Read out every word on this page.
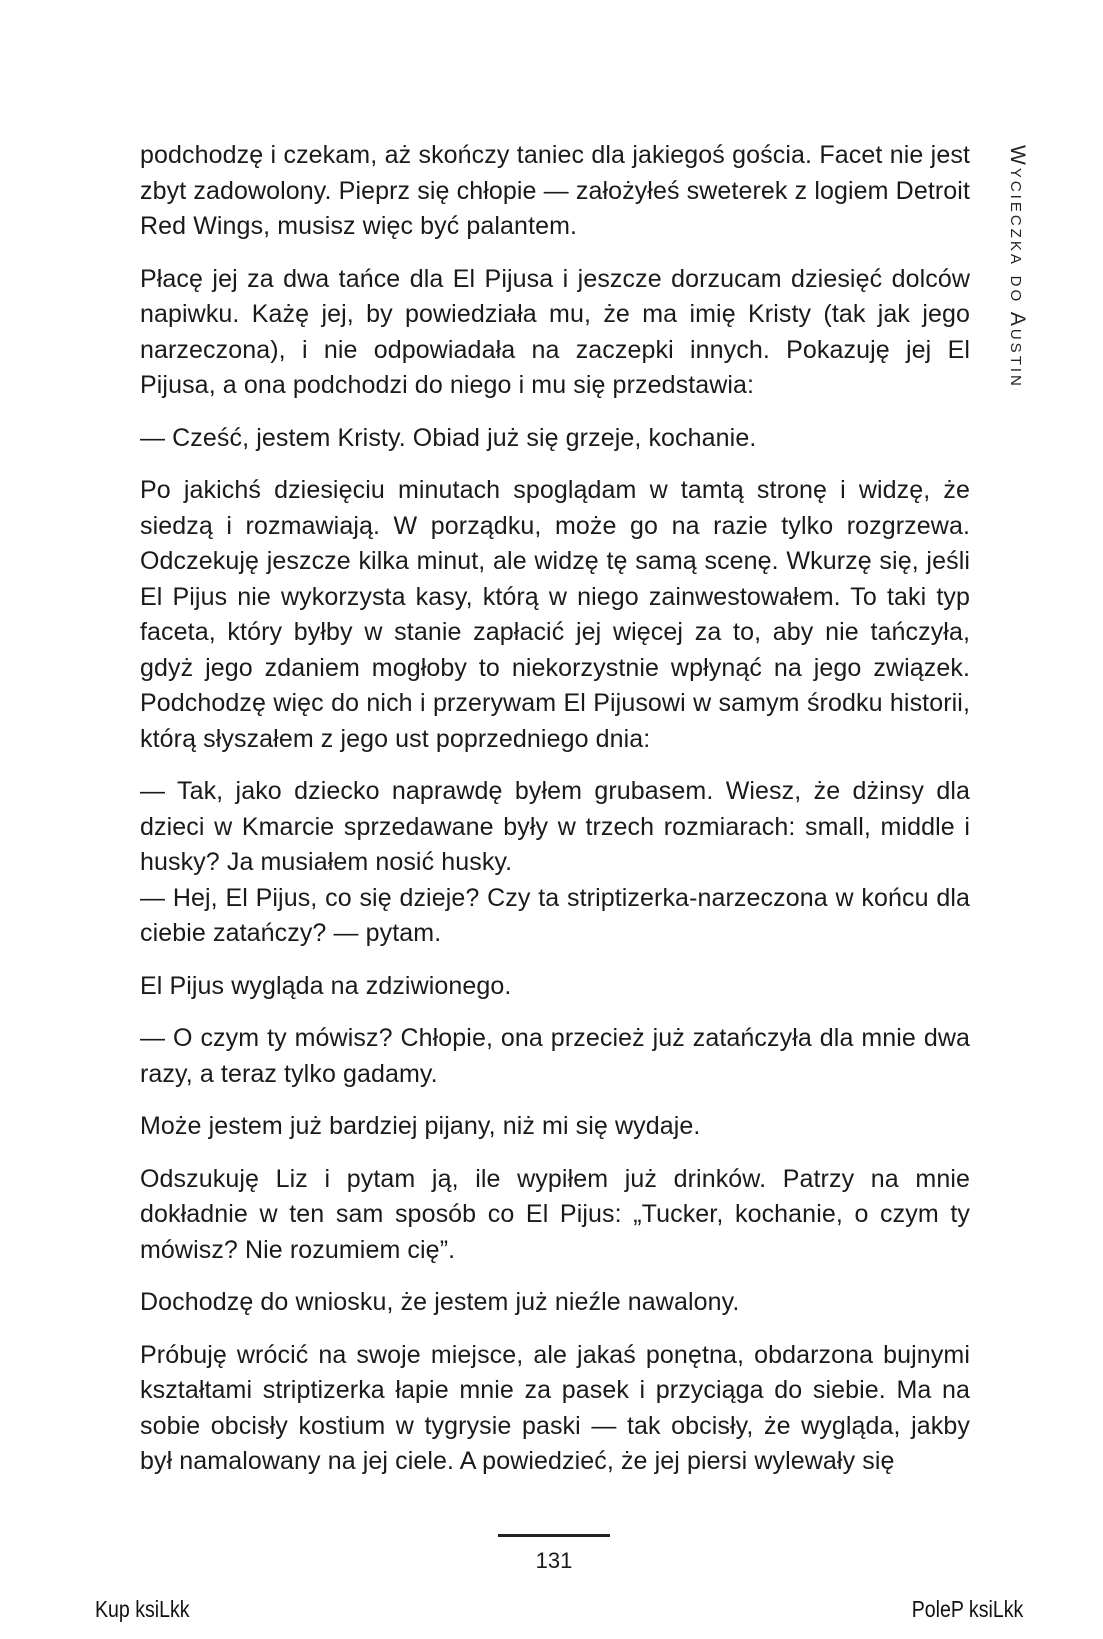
Wycieczka do Austin

podchodzę i czekam, aż skończy taniec dla jakiegoś gościa. Facet nie jest zbyt zadowolony. Pieprz się chłopie — założyłeś sweterek z logiem Detroit Red Wings, musisz więc być palantem.

Płacę jej za dwa tańce dla El Pijusa i jeszcze dorzucam dziesięć dolców napiwku. Każę jej, by powiedziała mu, że ma imię Kristy (tak jak jego narzeczona), i nie odpowiadała na zaczepki innych. Pokazuję jej El Pijusa, a ona podchodzi do niego i mu się przedstawia:

— Cześć, jestem Kristy. Obiad już się grzeje, kochanie.

Po jakichś dziesięciu minutach spoglądam w tamtą stronę i widzę, że siedzą i rozmawiają. W porządku, może go na razie tylko rozgrzewa. Odczekuję jeszcze kilka minut, ale widzę tę samą scenę. Wkurzę się, jeśli El Pijus nie wykorzysta kasy, którą w niego zainwestowałem. To taki typ faceta, który byłby w stanie zapłacić jej więcej za to, aby nie tańczyła, gdyż jego zdaniem mogłoby to niekorzystnie wpłynąć na jego związek. Podchodzę więc do nich i przerywam El Pijusowi w samym środku historii, którą słyszałem z jego ust poprzedniego dnia:

— Tak, jako dziecko naprawdę byłem grubasem. Wiesz, że dżinsy dla dzieci w Kmarcie sprzedawane były w trzech rozmiarach: small, middle i husky? Ja musiałem nosić husky.

— Hej, El Pijus, co się dzieje? Czy ta striptizerka-narzeczona w końcu dla ciebie zatańczy? — pytam.

El Pijus wygląda na zdziwionego.

— O czym ty mówisz? Chłopie, ona przecież już zatańczyła dla mnie dwa razy, a teraz tylko gadamy.

Może jestem już bardziej pijany, niż mi się wydaje.

Odszukuję Liz i pytam ją, ile wypiłem już drinków. Patrzy na mnie dokładnie w ten sam sposób co El Pijus: „Tucker, kochanie, o czym ty mówisz? Nie rozumiem cię”.

Dochodzę do wniosku, że jestem już nieźle nawalony.

Próbuję wrócić na swoje miejsce, ale jakaś ponętna, obdarzona bujnymi kształtami striptizerka łapie mnie za pasek i przyciąga do siebie. Ma na sobie obcisły kostium w tygrysie paski — tak obcisły, że wygląda, jakby był namalowany na jej ciele. A powiedzieć, że jej piersi wylewały się

131
Kup ksiLkk	PoleP ksiLkk
